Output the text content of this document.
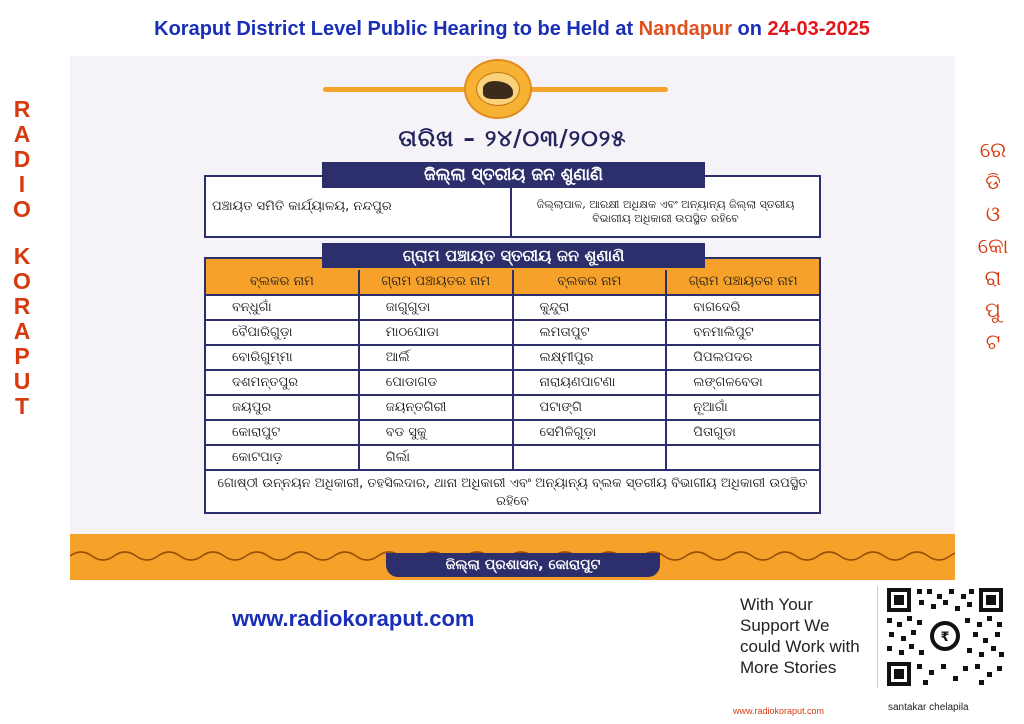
Koraput District Level Public Hearing to be Held at Nandapur on 24-03-2025
R
A
D
I
O
K
O
R
A
P
U
T
ରେ
ଡି
ଓ
କୋ
ରା
ପୁ
ଟ
ତାରିଖ – ୨୪/୦୩/୨୦୨୫
ପଞ୍ଚାୟତ ସମିତି କାର୍ଯ୍ୟାଳୟ, ନନ୍ଦପୁର	ଜିଲ୍ଲାପାଳ, ଆରକ୍ଷୀ ଅଧିକ୍ଷକ ଏବଂ ଅନ୍ୟାନ୍ୟ ଜିଲ୍ଲା ସ୍ତରୀୟ ବିଭାଗୀୟ ଅଧିକାରୀ ଉପସ୍ଥିତ ରହିବେ
ଜିଲ୍ଲା ସ୍ତରୀୟ ଜନ ଶୁଣାଣି
ବ୍ଲକର ନାମ	ଗ୍ରାମ ପଞ୍ଚାୟତର ନାମ	ବ୍ଲକର ନାମ	ଗ୍ରାମ ପଞ୍ଚାୟତର ନାମ
ବନ୍ଧୁଗାଁ	ଜାଗୁଗୁଡା	କୁନ୍ଦୁରା	ବାଗଦେରି
ବୈପାରିଗୁଡ଼ା	ମାଠପୋଡା	ଲମତାପୁଟ	ବନମାଲିପୁଟ
ବୋରିଗୁମ୍ମା	ଆର୍ଲି	ଲକ୍ଷ୍ମୀପୁର	ପିପଲପଦର
ଦଶମନ୍ତପୁର	ପୋଡାଗଡ	ନାରାୟଣପାଟଣା	ଲଙ୍ଗଳବେଡା
ଜୟପୁର	ଜୟନ୍ତଗିରୀ	ପଟାଙ୍ଗି	ନୂଆଗାଁ
କୋରାପୁଟ	ବଡ ସୁକୁ	ସେମିଳିଗୁଡ଼ା	ପିତାଗୁଡା
କୋଟପାଡ଼	ଗିର୍ଲା
ଗୋଷ୍ଠୀ ଉନ୍ନୟନ ଅଧିକାରୀ, ତହସିଲଦାର, ଥାନା ଅଧିକାରୀ ଏବଂ ଅନ୍ୟାନ୍ୟ ବ୍ଲକ ସ୍ତରୀୟ ବିଭାଗୀୟ ଅଧିକାରୀ ଉପସ୍ଥିତ ରହିବେ
ଗ୍ରାମ ପଞ୍ଚାୟତ ସ୍ତରୀୟ ଜନ ଶୁଣାଣି
ଜିଲ୍ଲା ପ୍ରଶାସନ, କୋରାପୁଟ
www.radiokoraput.com
With Your Support We could Work with More Stories
www.radiokoraput.com
₹
santakar chelapila
